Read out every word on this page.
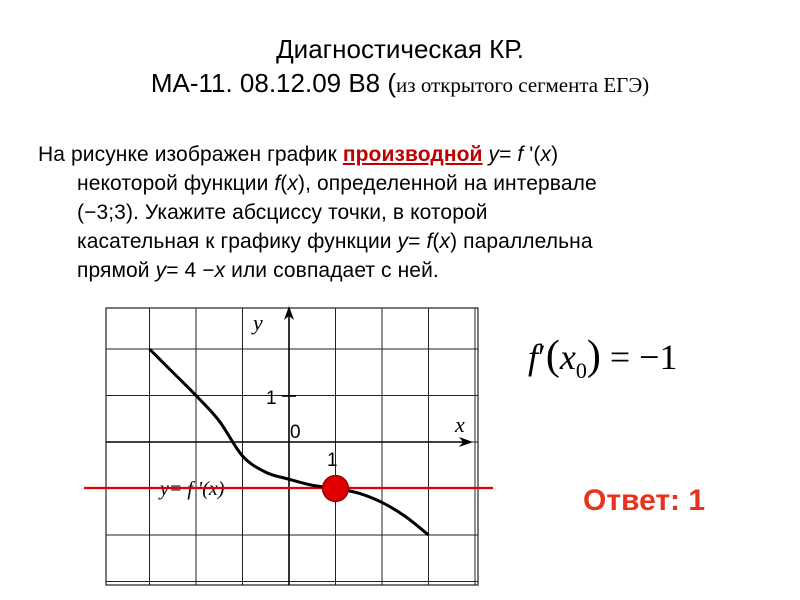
Диагностическая КР.
МА-11. 08.12.09 В8 (из открытого сегмента ЕГЭ)
На рисунке изображен график производной y= f '(x)
некоторой функции f(x), определенной на интервале
(−3;3). Укажите абсциссу точки, в которой
касательная к графику функции y= f(x) параллельна
прямой y= 4 −x или совпадает с ней.
y
x
1
0
1
y= f '(x)
$f'(x_0) = -1$
Ответ: 1
